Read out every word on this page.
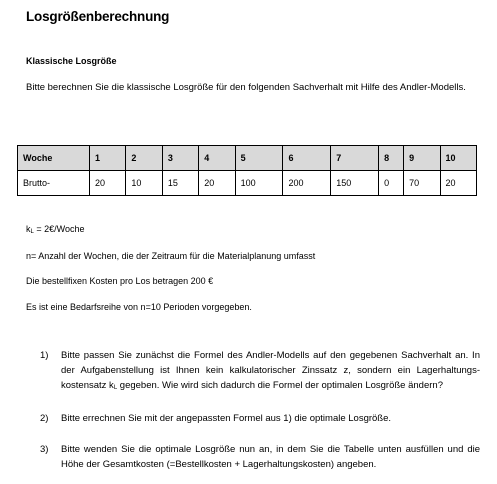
Losgrößenberechnung
Klassische Losgröße
Bitte berechnen Sie die klassische Losgröße für den folgenden Sachverhalt mit Hilfe des Andler-Modells.
Woche	1	2	3	4	5	6	7	8	9	10
Brutto-	20	10	15	20	100	200	150	0	70	20
$k_L$ = 2€/Woche
n= Anzahl der Wochen, die der Zeitraum für die Materialplanung umfasst
Die bestellfixen Kosten pro Los betragen 200 €
Es ist eine Bedarfsreihe von n=10 Perioden vorgegeben.
1) Bitte passen Sie zunächst die Formel des Andler-Modells auf den gegebenen Sachverhalt an. In der Aufgabenstellung ist Ihnen kein kalkulatorischer Zinssatz z, sondern ein Lagerhaltungs-kostensatz $k_L$ gegeben. Wie wird sich dadurch die Formel der optimalen Losgröße ändern?
2) Bitte errechnen Sie mit der angepassten Formel aus 1) die optimale Losgröße.
3) Bitte wenden Sie die optimale Losgröße nun an, in dem Sie die Tabelle unten ausfüllen und die Höhe der Gesamtkosten (=Bestellkosten + Lagerhaltungskosten) angeben.
